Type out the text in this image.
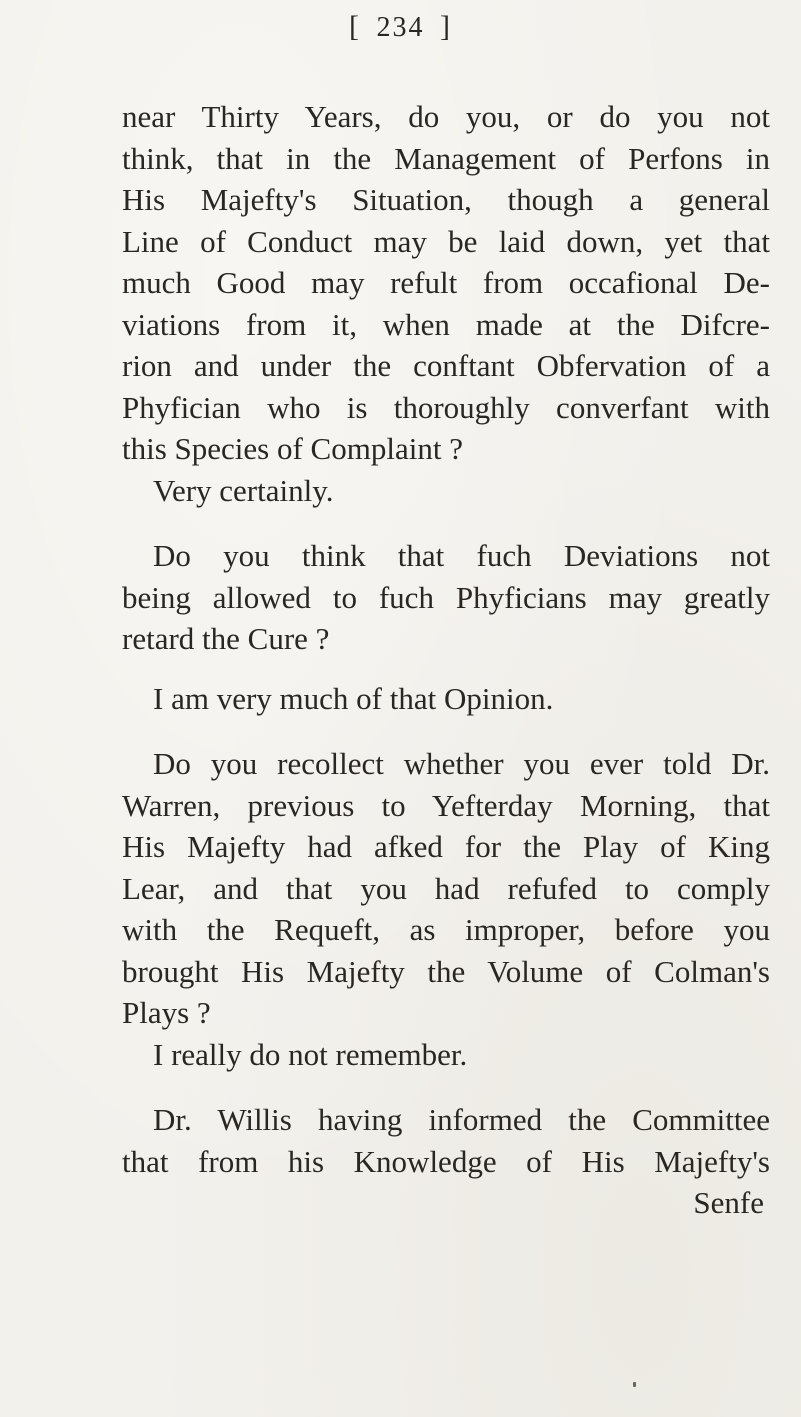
[ 234 ]
near Thirty Years, do you, or do you not
think, that in the Management of Perfons in
His Majefty's Situation, though a general
Line of Conduct may be laid down, yet that
much Good may refult from occafional De-
viations from it, when made at the Difcre-
rion and under the conftant Obfervation of a
Phyfician who is thoroughly converfant with
this Species of Complaint ?
Very certainly.
Do you think that fuch Deviations not
being allowed to fuch Phyficians may greatly
retard the Cure ?
I am very much of that Opinion.
Do you recollect whether you ever told Dr.
Warren, previous to Yefterday Morning, that
His Majefty had afked for the Play of King
Lear, and that you had refufed to comply
with the Requeft, as improper, before you
brought His Majefty the Volume of Colman's
Plays ?
I really do not remember.
Dr. Willis having informed the Committee
that from his Knowledge of His Majefty's
Senfe
